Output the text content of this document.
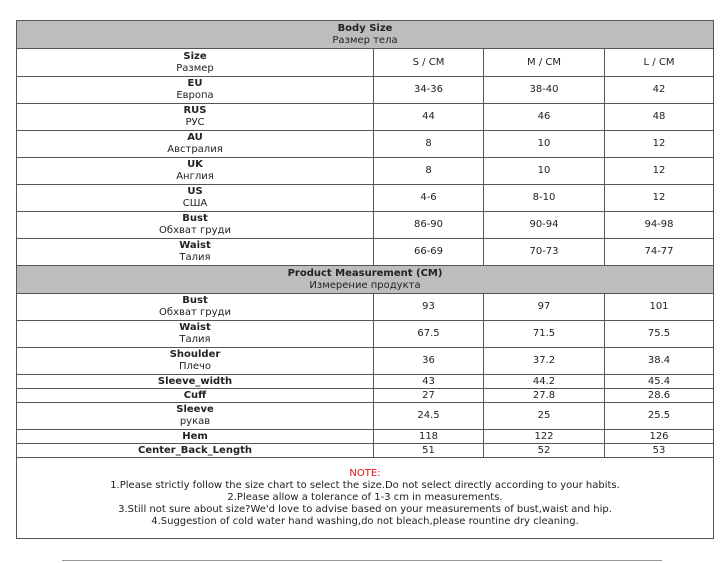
Body Size
Размер тела			

Size
Размер	S / CM	M / CM	L / CM

EU
Европа	34-36	38-40	42

RUS
РУС	44	46	48

AU
Австралия	8	10	12

UK
Англия	8	10	12

US
США	4-6	8-10	12

Bust
Обхват груди	86-90	90-94	94-98

Waist
Талия	66-69	70-73	74-77

Product Measurement (CM)
Измерение продукта			

Bust
Обхват груди	93	97	101

Waist
Талия	67.5	71.5	75.5

Shoulder
Плечо	36	37.2	38.4

Sleeve_width	43	44.2	45.4

Cuff	27	27.8	28.6

Sleeve
рукав	24.5	25	25.5

Hem	118	122	126

Center_Back_Length	51	52	53

NOTE:
1.Please strictly follow the size chart to select the size.Do not select directly according to your habits.
2.Please allow a tolerance of 1-3 cm in measurements.
3.Still not sure about size?We'd love to advise based on your measurements of bust,waist and hip.
4.Suggestion of cold water hand washing,do not bleach,please rountine dry cleaning.			
